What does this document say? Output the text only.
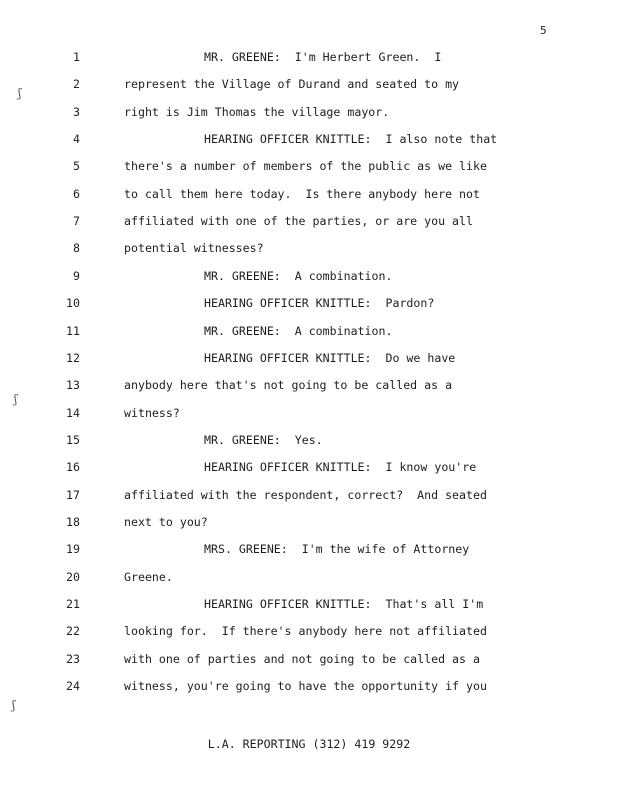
5
1	MR. GREENE:  I'm Herbert Green.  I
2	represent the Village of Durand and seated to my
3	right is Jim Thomas the village mayor.
4	HEARING OFFICER KNITTLE:  I also note that
5	there's a number of members of the public as we like
6	to call them here today.  Is there anybody here not
7	affiliated with one of the parties, or are you all
8	potential witnesses?
9	MR. GREENE:  A combination.
10	HEARING OFFICER KNITTLE:  Pardon?
11	MR. GREENE:  A combination.
12	HEARING OFFICER KNITTLE:  Do we have
13	anybody here that's not going to be called as a
14	witness?
15	MR. GREENE:  Yes.
16	HEARING OFFICER KNITTLE:  I know you're
17	affiliated with the respondent, correct?  And seated
18	next to you?
19	MRS. GREENE:  I'm the wife of Attorney
20	Greene.
21	HEARING OFFICER KNITTLE:  That's all I'm
22	looking for.  If there's anybody here not affiliated
23	with one of parties and not going to be called as a
24	witness, you're going to have the opportunity if you
ʃ
ʃ
ʃ
L.A. REPORTING (312) 419 9292
